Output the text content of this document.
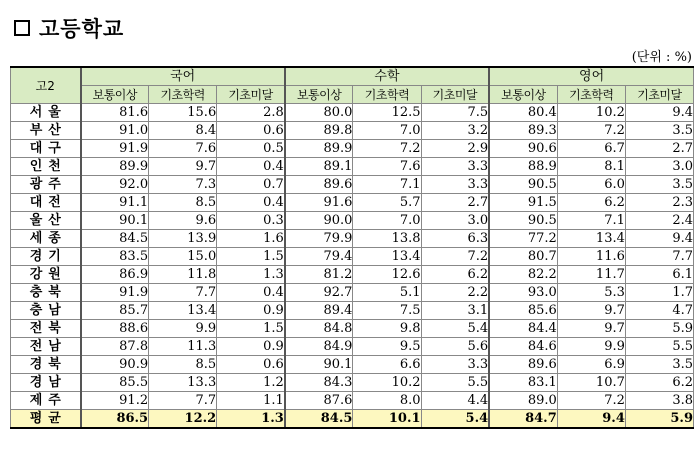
고등학교
(단위 : %)
고2	국어			수학			영어		
	보통이상	기초학력	기초미달	보통이상	기초학력	기초미달	보통이상	기초학력	기초미달
서울	81.6	15.6	2.8	80.0	12.5	7.5	80.4	10.2	9.4
부산	91.0	8.4	0.6	89.8	7.0	3.2	89.3	7.2	3.5
대구	91.9	7.6	0.5	89.9	7.2	2.9	90.6	6.7	2.7
인천	89.9	9.7	0.4	89.1	7.6	3.3	88.9	8.1	3.0
광주	92.0	7.3	0.7	89.6	7.1	3.3	90.5	6.0	3.5
대전	91.1	8.5	0.4	91.6	5.7	2.7	91.5	6.2	2.3
울산	90.1	9.6	0.3	90.0	7.0	3.0	90.5	7.1	2.4
세종	84.5	13.9	1.6	79.9	13.8	6.3	77.2	13.4	9.4
경기	83.5	15.0	1.5	79.4	13.4	7.2	80.7	11.6	7.7
강원	86.9	11.8	1.3	81.2	12.6	6.2	82.2	11.7	6.1
충북	91.9	7.7	0.4	92.7	5.1	2.2	93.0	5.3	1.7
충남	85.7	13.4	0.9	89.4	7.5	3.1	85.6	9.7	4.7
전북	88.6	9.9	1.5	84.8	9.8	5.4	84.4	9.7	5.9
전남	87.8	11.3	0.9	84.9	9.5	5.6	84.6	9.9	5.5
경북	90.9	8.5	0.6	90.1	6.6	3.3	89.6	6.9	3.5
경남	85.5	13.3	1.2	84.3	10.2	5.5	83.1	10.7	6.2
제주	91.2	7.7	1.1	87.6	8.0	4.4	89.0	7.2	3.8
평균	86.5	12.2	1.3	84.5	10.1	5.4	84.7	9.4	5.9
